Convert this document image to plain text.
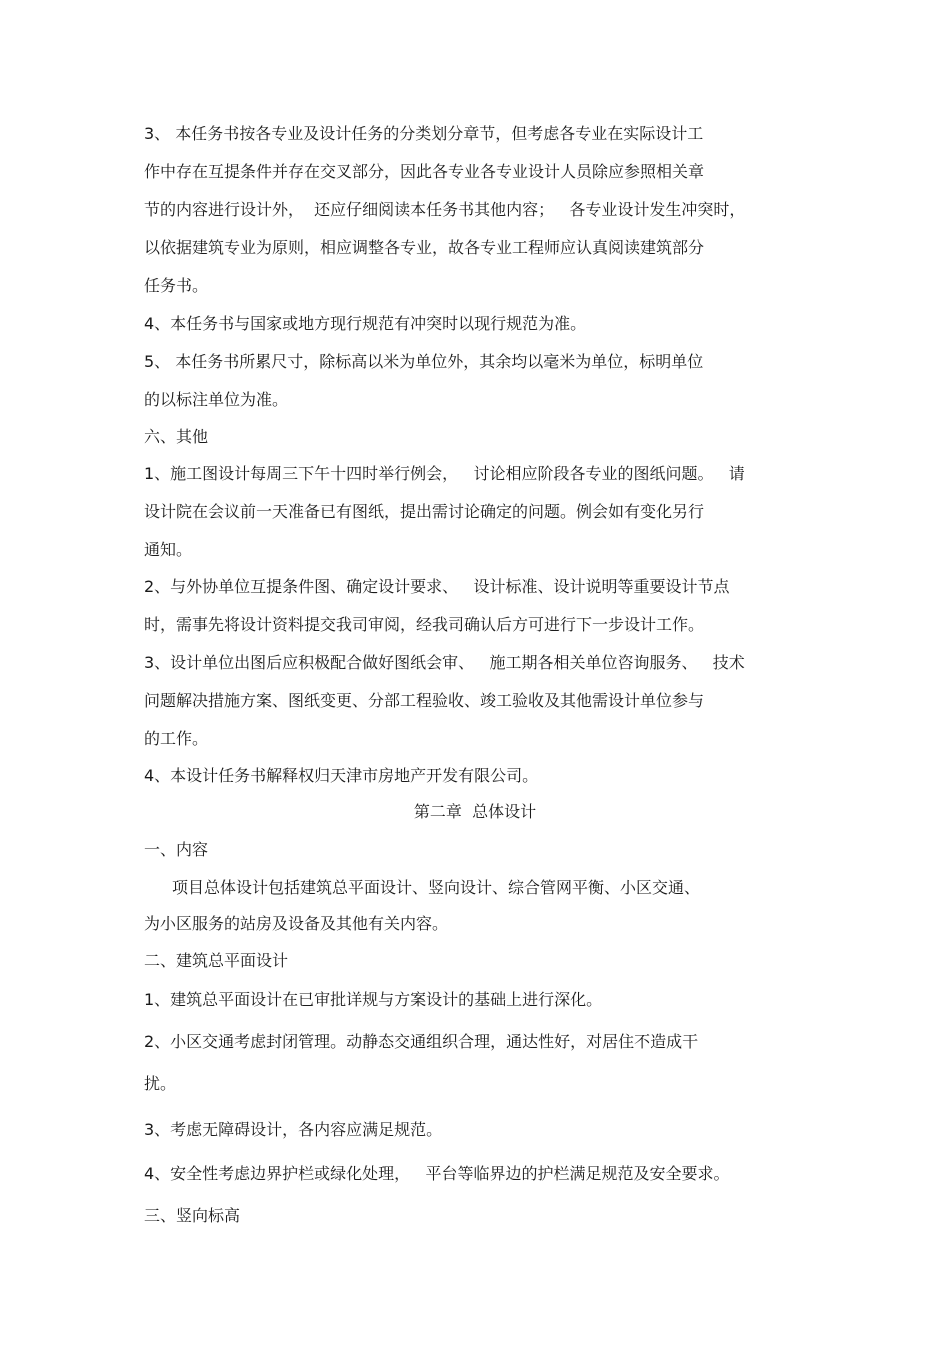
3、 本任务书按各专业及设计任务的分类划分章节，但考虑各专业在实际设计工
作中存在互提条件并存在交叉部分，因此各专业各专业设计人员除应参照相关章
节的内容进行设计外，  还应仔细阅读本任务书其他内容；   各专业设计发生冲突时，
以依据建筑专业为原则，相应调整各专业，故各专业工程师应认真阅读建筑部分
任务书。
4、本任务书与国家或地方现行规范有冲突时以现行规范为准。
5、 本任务书所累尺寸，除标高以米为单位外，其余均以毫米为单位，标明单位
的以标注单位为准。
六、其他
1、施工图设计每周三下午十四时举行例会，   讨论相应阶段各专业的图纸问题。   请
设计院在会议前一天准备已有图纸，提出需讨论确定的问题。例会如有变化另行
通知。
2、与外协单位互提条件图、确定设计要求、   设计标准、设计说明等重要设计节点
时，需事先将设计资料提交我司审阅，经我司确认后方可进行下一步设计工作。
3、设计单位出图后应积极配合做好图纸会审、   施工期各相关单位咨询服务、   技术
问题解决措施方案、图纸变更、分部工程验收、竣工验收及其他需设计单位参与
的工作。
4、本设计任务书解释权归天津市房地产开发有限公司。
第二章  总体设计
一、内容
项目总体设计包括建筑总平面设计、竖向设计、综合管网平衡、小区交通、
为小区服务的站房及设备及其他有关内容。
二、建筑总平面设计
1、建筑总平面设计在已审批详规与方案设计的基础上进行深化。
2、小区交通考虑封闭管理。动静态交通组织合理，通达性好，对居住不造成干
扰。
3、考虑无障碍设计，各内容应满足规范。
4、安全性考虑边界护栏或绿化处理，   平台等临界边的护栏满足规范及安全要求。
三、竖向标高
